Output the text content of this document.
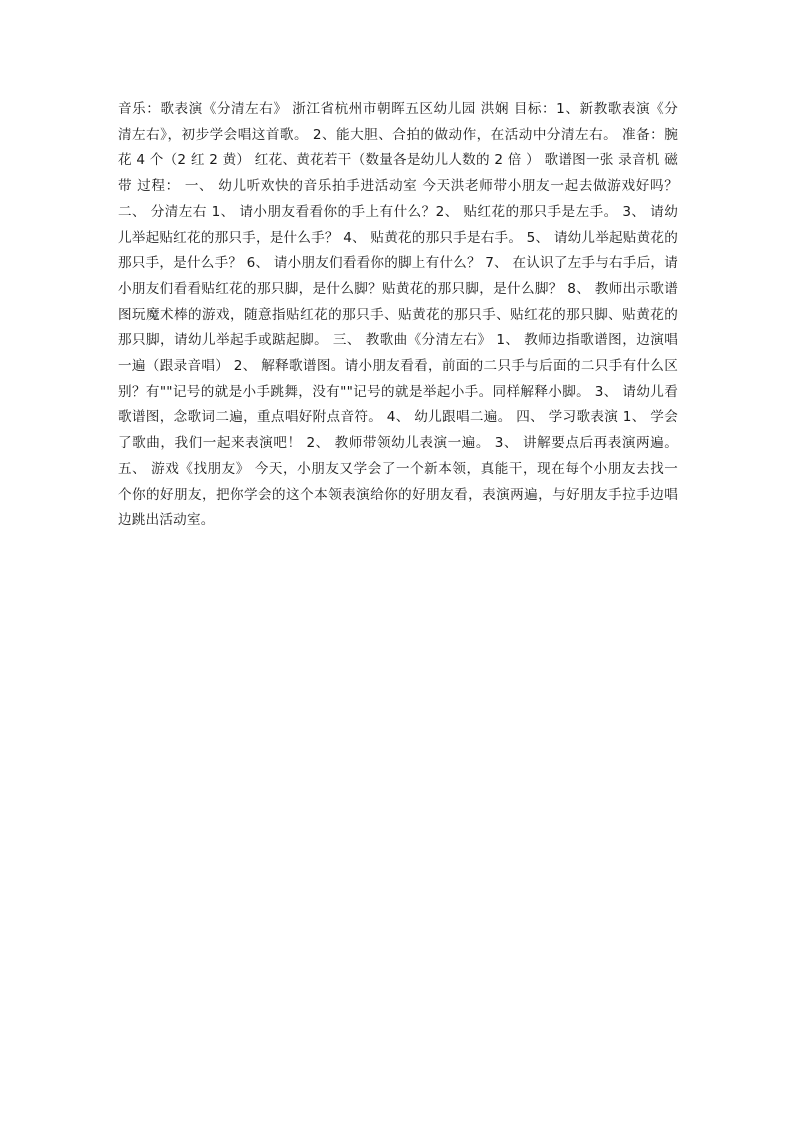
音乐：歌表演《分清左右》 浙江省杭州市朝晖五区幼儿园 洪娴 目标：1、新教歌表演《分清左右》，初步学会唱这首歌。 2、能大胆、合拍的做动作，在活动中分清左右。 准备：腕花 4 个（2 红 2 黄） 红花、黄花若干（数量各是幼儿人数的 2 倍 ） 歌谱图一张 录音机 磁带 过程： 一、 幼儿听欢快的音乐拍手进活动室 今天洪老师带小朋友一起去做游戏好吗？ 二、 分清左右 1、 请小朋友看看你的手上有什么？2、 贴红花的那只手是左手。 3、 请幼儿举起贴红花的那只手，是什么手？ 4、 贴黄花的那只手是右手。 5、 请幼儿举起贴黄花的那只手，是什么手？ 6、 请小朋友们看看你的脚上有什么？ 7、 在认识了左手与右手后，请小朋友们看看贴红花的那只脚，是什么脚？贴黄花的那只脚，是什么脚？ 8、 教师出示歌谱图玩魔术棒的游戏，随意指贴红花的那只手、贴黄花的那只手、贴红花的那只脚、贴黄花的那只脚，请幼儿举起手或踮起脚。 三、 教歌曲《分清左右》 1、 教师边指歌谱图，边演唱一遍（跟录音唱） 2、 解释歌谱图。请小朋友看看，前面的二只手与后面的二只手有什么区别？有""记号的就是小手跳舞，没有""记号的就是举起小手。同样解释小脚。 3、 请幼儿看歌谱图，念歌词二遍，重点唱好附点音符。 4、 幼儿跟唱二遍。 四、 学习歌表演 1、 学会了歌曲，我们一起来表演吧！ 2、 教师带领幼儿表演一遍。 3、 讲解要点后再表演两遍。 五、 游戏《找朋友》 今天，小朋友又学会了一个新本领，真能干，现在每个小朋友去找一个你的好朋友，把你学会的这个本领表演给你的好朋友看，表演两遍，与好朋友手拉手边唱边跳出活动室。
